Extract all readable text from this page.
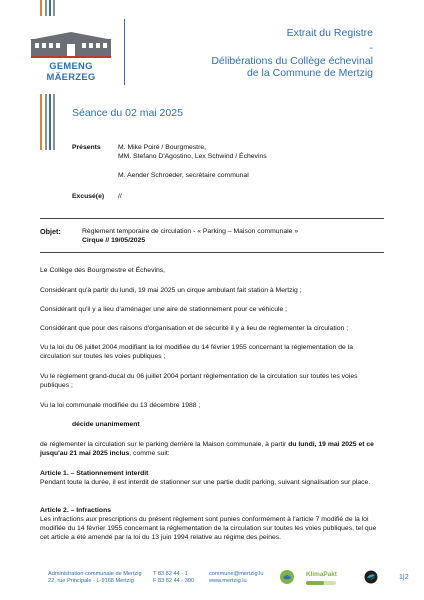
GEMENG MÄERZEG
Extrait du Registre
-
Délibérations du Collège échevinal
de la Commune de Mertzig
Séance du 02 mai 2025
Présents	M. Mike Poiré / Bourgmestre,
MM. Stefano D'Agostino, Lex Schwind / Échevins
M. Aender Schroeder, secrétaire communal
Excusé(e) //
Objet:	Règlement temporaire de circulation - « Parking – Maison communale »
Cirque // 19/05/2025
Le Collège des Bourgmestre et Échevins,
Considérant qu'à partir du lundi, 19 mai 2025 un cirque ambulant fait station à Mertzig ;
Considérant qu'il y a lieu d'aménager une aire de stationnement pour ce véhicule ;
Considérant que pour des raisons d'organisation et de sécurité il y a lieu de réglementer la circulation ;
Vu la loi du 06 juillet 2004 modifiant la loi modifiée du 14 février 1955 concernant la réglementation de la circulation sur toutes les voies publiques ;
Vu le règlement grand-ducal du 06 juillet 2004 portant réglementation de la circulation sur toutes les voies publiques ;
Vu la loi communale modifiée du 13 décembre 1988 ;
décide unanimement
de réglementer la circulation sur le parking derrière la Maison communale, à partir du lundi, 19 mai 2025 et ce jusqu'au 21 mai 2025 inclus, comme suit:
Article 1. – Stationnement interdit
Pendant toute la durée, il est interdit de stationner sur une partie dudit parking, suivant signalisation sur place.
Article 2. – Infractions
Les infractions aux prescriptions du présent règlement sont punies conformément à l'article 7 modifié de la loi modifiée du 14 février 1955 concernant la réglementation de la circulation sur toutes les voies publiques, tel que cet article a été amendé par la loi du 13 juin 1994 relative au régime des peines.
Administration communale de Mertzig
22, rue Principale · L-9168 Mertzig
T 83 82 44 - 1
F 83 82 44 - 300
commune@mertzig.lu
www.mertzig.lu
KlimaPakt	1|2
